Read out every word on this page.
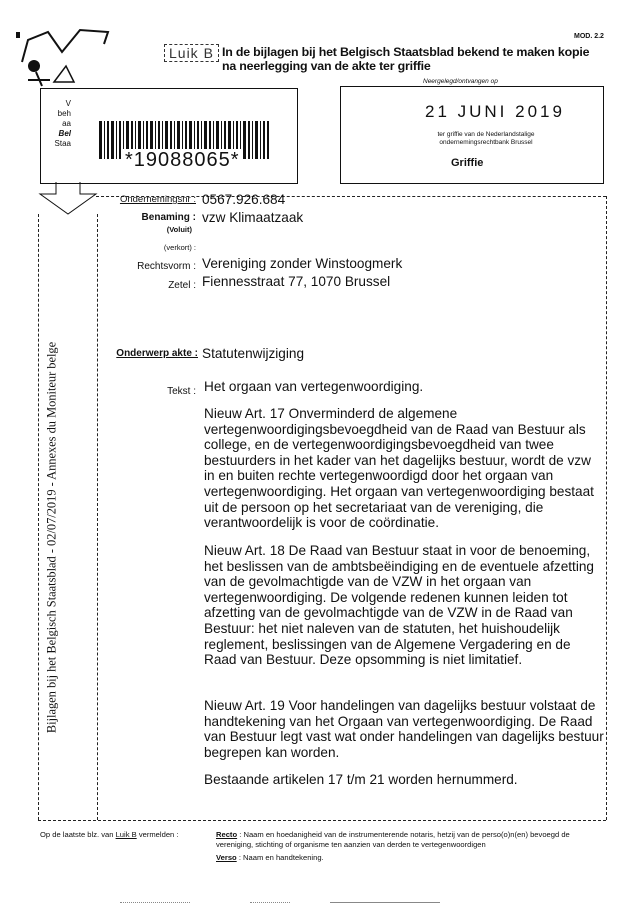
MOD. 2.2
Luik B In de bijlagen bij het Belgisch Staatsblad bekend te maken kopie
na neerlegging van de akte ter griffie
V
beh
aa
Bel
Staa
*19088065*
Neergelegd/ontvangen op
21 JUNI 2019
ter griffie van de Nederlandstalige
ondernemingsrechtbank Brussel
Griffie
Bijlagen bij het Belgisch Staatsblad - 02/07/2019 - Annexes du Moniteur belge
Ondernemingsnr : 0567.926.684
Benaming :
(Voluit)
vzw Klimaatzaak
(verkort) :
Rechtsvorm : Vereniging zonder Winstoogmerk
Zetel : Fiennesstraat 77, 1070 Brussel
Onderwerp akte : Statutenwijziging
Tekst : Het orgaan van vertegenwoordiging.
Nieuw Art. 17 Onverminderd de algemene vertegenwoordigingsbevoegdheid van de Raad van Bestuur als college, en de vertegenwoordigingsbevoegdheid van twee bestuurders in het kader van het dagelijks bestuur, wordt de vzw in en buiten rechte vertegenwoordigd door het orgaan van vertegenwoordiging. Het orgaan van vertegenwoordiging bestaat uit de persoon op het secretariaat van de vereniging, die verantwoordelijk is voor de coördinatie.
Nieuw Art. 18 De Raad van Bestuur staat in voor de benoeming, het beslissen van de ambtsbeëindiging en de eventuele afzetting van de gevolmachtigde van de VZW in het orgaan van vertegenwoordiging. De volgende redenen kunnen leiden tot afzetting van de gevolmachtigde van de VZW in de Raad van Bestuur: het niet naleven van de statuten, het huishoudelijk reglement, beslissingen van de Algemene Vergadering en de Raad van Bestuur. Deze opsomming is niet limitatief.
Nieuw Art. 19 Voor handelingen van dagelijks bestuur volstaat de handtekening van het Orgaan van vertegenwoordiging. De Raad van Bestuur legt vast wat onder handelingen van dagelijks bestuur begrepen kan worden.
Bestaande artikelen 17 t/m 21 worden hernummerd.
Op de laatste blz. van Luik B vermelden :	Recto : Naam en hoedanigheid van de instrumenterende notaris, hetzij van de perso(o)n(en) bevoegd de vereniging, stichting of organisme ten aanzien van derden te vertegenwoordigen
Verso : Naam en handtekening.
